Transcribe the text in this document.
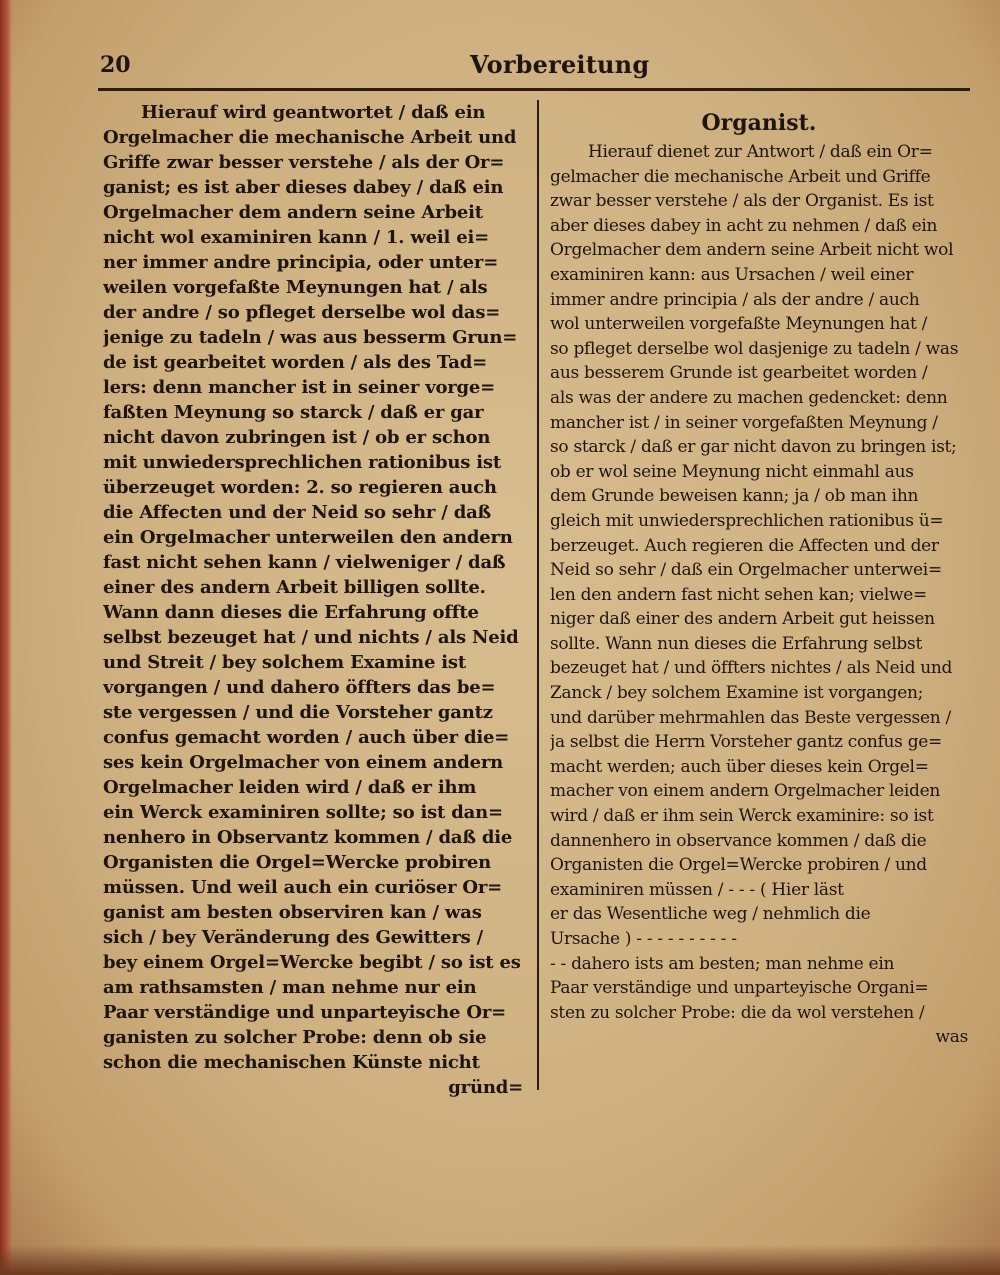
20	Vorbereitung
Hierauf wird geantwortet / daß ein
Orgelmacher die mechanische Arbeit und
Griffe zwar besser verstehe / als der Or=
ganist; es ist aber dieses dabey / daß ein
Orgelmacher dem andern seine Arbeit
nicht wol examiniren kann / 1. weil ei=
ner immer andre principia, oder unter=
weilen vorgefaßte Meynungen hat / als
der andre / so pfleget derselbe wol das=
jenige zu tadeln / was aus besserm Grun=
de ist gearbeitet worden / als des Tad=
lers: denn mancher ist in seiner vorge=
faßten Meynung so starck / daß er gar
nicht davon zubringen ist / ob er schon
mit unwiedersprechlichen rationibus ist
überzeuget worden: 2. so regieren auch
die Affecten und der Neid so sehr / daß
ein Orgelmacher unterweilen den andern
fast nicht sehen kann / vielweniger / daß
einer des andern Arbeit billigen sollte.
Wann dann dieses die Erfahrung offte
selbst bezeuget hat / und nichts / als Neid
und Streit / bey solchem Examine ist
vorgangen / und dahero öffters das be=
ste vergessen / und die Vorsteher gantz
confus gemacht worden / auch über die=
ses kein Orgelmacher von einem andern
Orgelmacher leiden wird / daß er ihm
ein Werck examiniren sollte; so ist dan=
nenhero in Observantz kommen / daß die
Organisten die Orgel=Wercke probiren
müssen. Und weil auch ein curiöser Or=
ganist am besten observiren kan / was
sich / bey Veränderung des Gewitters /
bey einem Orgel=Wercke begibt / so ist es
am rathsamsten / man nehme nur ein
Paar verständige und unparteyische Or=
ganisten zu solcher Probe: denn ob sie
schon die mechanischen Künste nicht
gründ=
Organist.
Hierauf dienet zur Antwort / daß ein Or=
gelmacher die mechanische Arbeit und Griffe
zwar besser verstehe / als der Organist. Es ist
aber dieses dabey in acht zu nehmen / daß ein
Orgelmacher dem andern seine Arbeit nicht wol
examiniren kann: aus Ursachen / weil einer
immer andre principia / als der andre / auch
wol unterweilen vorgefaßte Meynungen hat /
so pfleget derselbe wol dasjenige zu tadeln / was
aus besserem Grunde ist gearbeitet worden /
als was der andere zu machen gedencket: denn
mancher ist / in seiner vorgefaßten Meynung /
so starck / daß er gar nicht davon zu bringen ist;
ob er wol seine Meynung nicht einmahl aus
dem Grunde beweisen kann; ja / ob man ihn
gleich mit unwiedersprechlichen rationibus ü=
berzeuget. Auch regieren die Affecten und der
Neid so sehr / daß ein Orgelmacher unterwei=
len den andern fast nicht sehen kan; vielwe=
niger daß einer des andern Arbeit gut heissen
sollte. Wann nun dieses die Erfahrung selbst
bezeuget hat / und öffters nichtes / als Neid und
Zanck / bey solchem Examine ist vorgangen;
und darüber mehrmahlen das Beste vergessen /
ja selbst die Herrn Vorsteher gantz confus ge=
macht werden; auch über dieses kein Orgel=
macher von einem andern Orgelmacher leiden
wird / daß er ihm sein Werck examinire: so ist
dannenhero in observance kommen / daß die
Organisten die Orgel=Wercke probiren / und
examiniren müssen / - - - ( Hier läst
er das Wesentliche weg / nehmlich die
Ursache ) - - - - - - - - - -
- - dahero ists am besten; man nehme ein
Paar verständige und unparteyische Organi=
sten zu solcher Probe: die da wol verstehen /
was
